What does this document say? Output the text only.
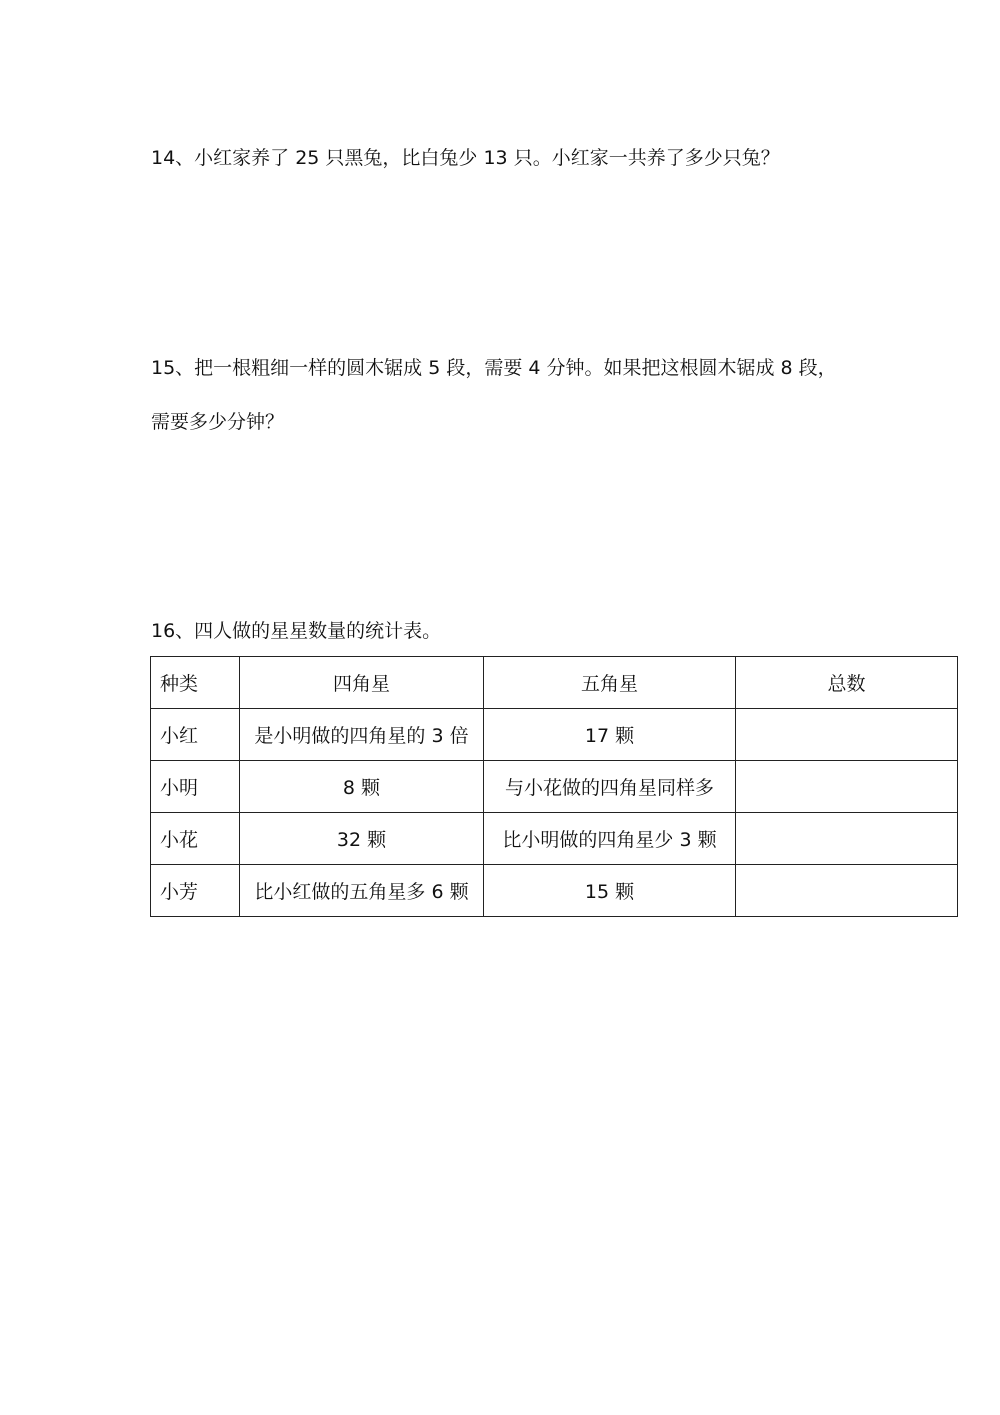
14、小红家养了 25 只黑兔，比白兔少 13 只。小红家一共养了多少只兔？
15、把一根粗细一样的圆木锯成 5 段，需要 4 分钟。如果把这根圆木锯成 8 段，
需要多少分钟？
16、四人做的星星数量的统计表。
种类	四角星	五角星	总数
小红	是小明做的四角星的 3 倍	17 颗	
小明	8 颗	与小花做的四角星同样多	
小花	32 颗	比小明做的四角星少 3 颗	
小芳	比小红做的五角星多 6 颗	15 颗	
